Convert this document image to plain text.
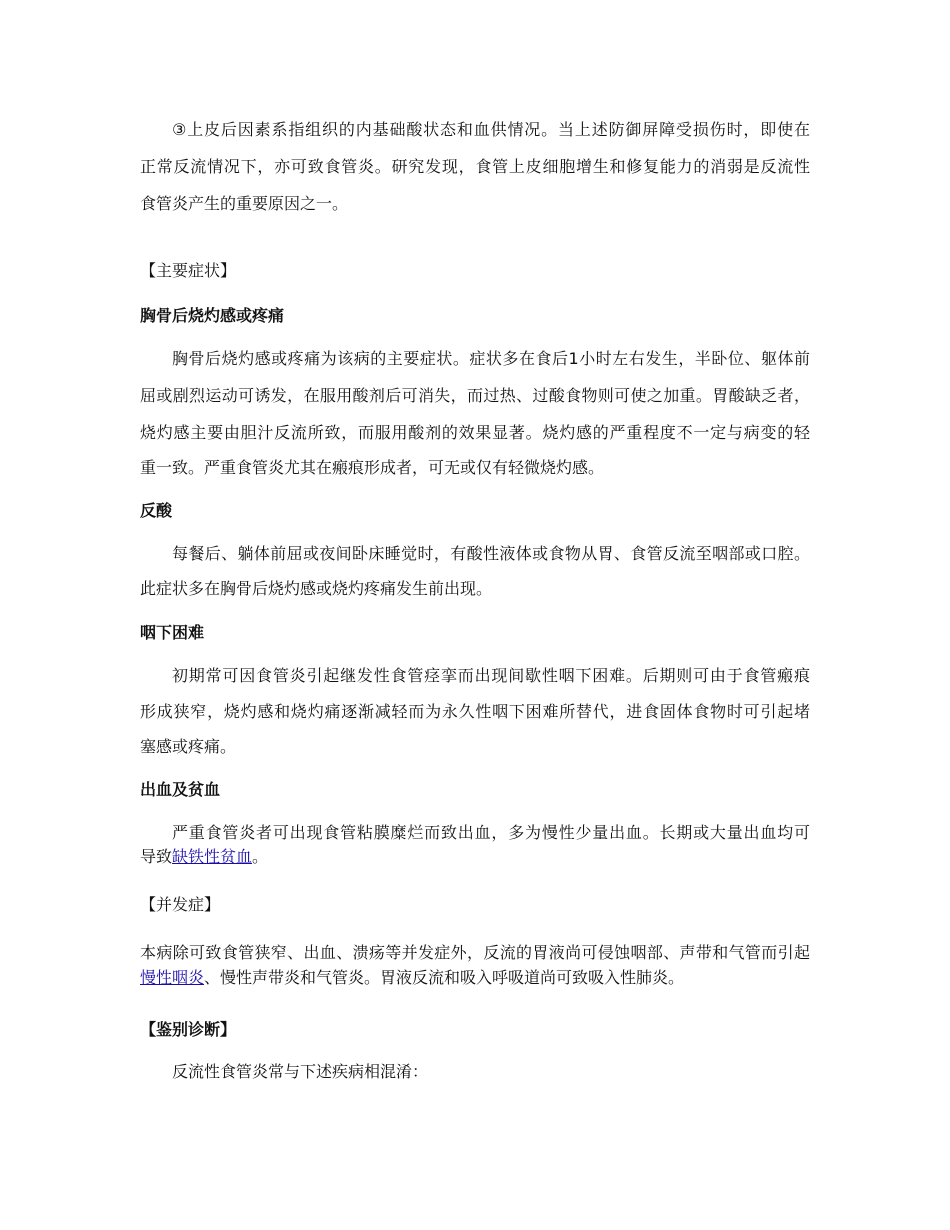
③上皮后因素系指组织的内基础酸状态和血供情况。当上述防御屏障受损伤时，即使在
正常反流情况下，亦可致食管炎。研究发现，食管上皮细胞增生和修复能力的消弱是反流性
食管炎产生的重要原因之一。
【主要症状】
胸骨后烧灼感或疼痛
胸骨后烧灼感或疼痛为该病的主要症状。症状多在食后1小时左右发生，半卧位、躯体前
屈或剧烈运动可诱发，在服用酸剂后可消失，而过热、过酸食物则可使之加重。胃酸缺乏者，
烧灼感主要由胆汁反流所致，而服用酸剂的效果显著。烧灼感的严重程度不一定与病变的轻
重一致。严重食管炎尤其在瘢痕形成者，可无或仅有轻微烧灼感。
反酸
每餐后、躺体前屈或夜间卧床睡觉时，有酸性液体或食物从胃、食管反流至咽部或口腔。
此症状多在胸骨后烧灼感或烧灼疼痛发生前出现。
咽下困难
初期常可因食管炎引起继发性食管痉挛而出现间歇性咽下困难。后期则可由于食管瘢痕
形成狭窄，烧灼感和烧灼痛逐渐减轻而为永久性咽下困难所替代，进食固体食物时可引起堵
塞感或疼痛。
出血及贫血
严重食管炎者可出现食管粘膜糜烂而致出血，多为慢性少量出血。长期或大量出血均可
导致缺铁性贫血。
【并发症】
本病除可致食管狭窄、出血、溃疡等并发症外，反流的胃液尚可侵蚀咽部、声带和气管而引起
慢性咽炎、慢性声带炎和气管炎。胃液反流和吸入呼吸道尚可致吸入性肺炎。
【鉴别诊断】
反流性食管炎常与下述疾病相混淆：
